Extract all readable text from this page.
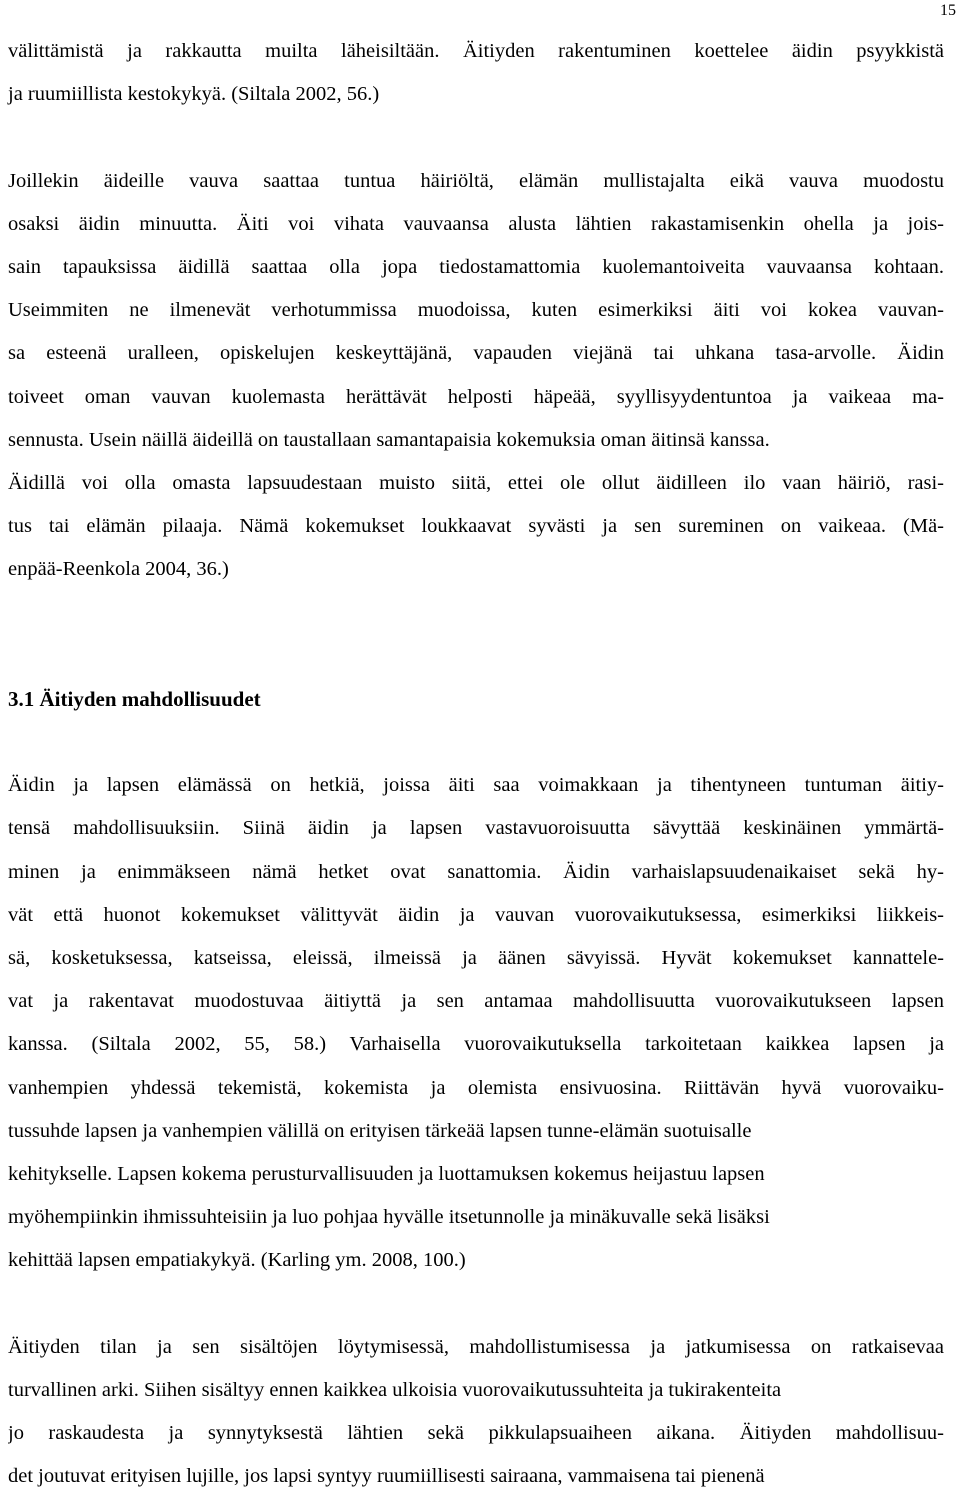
15

välittämistä ja rakkautta muilta läheisiltään. Äitiyden rakentuminen koettelee äidin psyykkistä
ja ruumiillista kestokykyä. (Siltala 2002, 56.)

Joillekin äideille vauva saattaa tuntua häiriöltä, elämän mullistajalta eikä vauva muodostu
osaksi äidin minuutta. Äiti voi vihata vauvaansa alusta lähtien rakastamisenkin ohella ja jois-
sain tapauksissa äidillä saattaa olla jopa tiedostamattomia kuolemantoiveita vauvaansa kohtaan.
Useimmiten ne ilmenevät verhotummissa muodoissa, kuten esimerkiksi äiti voi kokea vauvan-
sa esteenä uralleen, opiskelujen keskeyttäjänä, vapauden viejänä tai uhkana tasa-arvolle. Äidin
toiveet oman vauvan kuolemasta herättävät helposti häpeää, syyllisyydentuntoa ja vaikeaa ma-
sennusta. Usein näillä äideillä on taustallaan samantapaisia kokemuksia oman äitinsä kanssa.
Äidillä voi olla omasta lapsuudestaan muisto siitä, ettei ole ollut äidilleen ilo vaan häiriö, rasi-
tus tai elämän pilaaja. Nämä kokemukset loukkaavat syvästi ja sen sureminen on vaikeaa. (Mä-
enpää-Reenkola 2004, 36.)

3.1 Äitiyden mahdollisuudet

Äidin ja lapsen elämässä on hetkiä, joissa äiti saa voimakkaan ja tihentyneen tuntuman äitiy-
tensä mahdollisuuksiin. Siinä äidin ja lapsen vastavuoroisuutta sävyttää keskinäinen ymmärtä-
minen ja enimmäkseen nämä hetket ovat sanattomia. Äidin varhaislapsuudenaikaiset sekä hy-
vät että huonot kokemukset välittyvät äidin ja vauvan vuorovaikutuksessa, esimerkiksi liikkeis-
sä, kosketuksessa, katseissa, eleissä, ilmeissä ja äänen sävyissä. Hyvät kokemukset kannattele-
vat ja rakentavat muodostuvaa äitiyttä ja sen antamaa mahdollisuutta vuorovaikutukseen lapsen
kanssa. (Siltala 2002, 55, 58.) Varhaisella vuorovaikutuksella tarkoitetaan kaikkea lapsen ja
vanhempien yhdessä tekemistä, kokemista ja olemista ensivuosina. Riittävän hyvä vuorovaiku-
tussuhde lapsen ja vanhempien välillä on erityisen tärkeää lapsen tunne-elämän suotuisalle
kehitykselle. Lapsen kokema perusturvallisuuden ja luottamuksen kokemus heijastuu lapsen
myöhempiinkin ihmissuhteisiin ja luo pohjaa hyvälle itsetunnolle ja minäkuvalle sekä lisäksi
kehittää lapsen empatiakykyä. (Karling ym. 2008, 100.)

Äitiyden tilan ja sen sisältöjen löytymisessä, mahdollistumisessa ja jatkumisessa on ratkaisevaa
turvallinen arki. Siihen sisältyy ennen kaikkea ulkoisia vuorovaikutussuhteita ja tukirakenteita
jo raskaudesta ja synnytyksestä lähtien sekä pikkulapsuaiheen aikana. Äitiyden mahdollisuu-
det joutuvat erityisen lujille, jos lapsi syntyy ruumiillisesti sairaana, vammaisena tai pienenä
